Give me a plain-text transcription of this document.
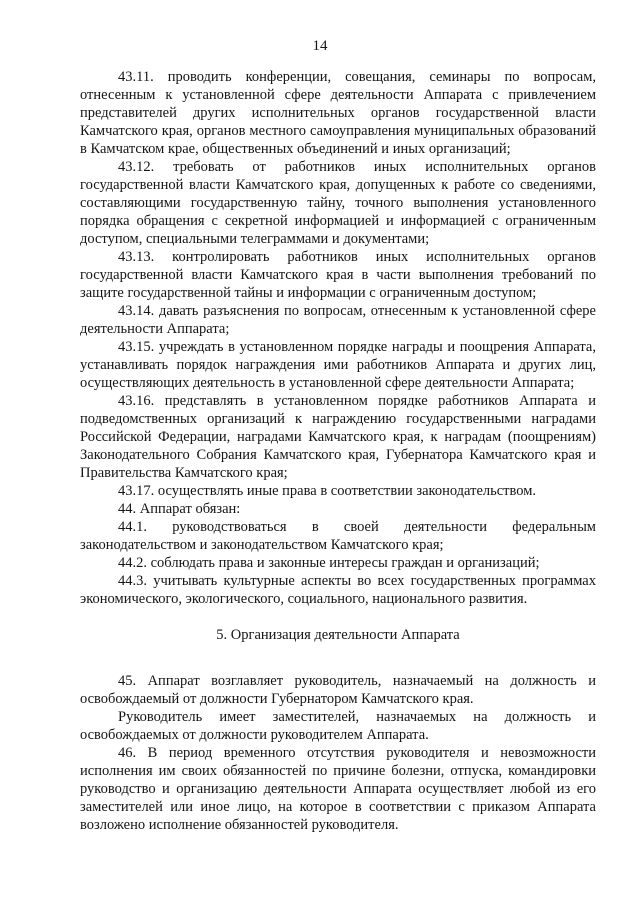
14

43.11. проводить конференции, совещания, семинары по вопросам, отнесенным к установленной сфере деятельности Аппарата с привлечением представителей других исполнительных органов государственной власти Камчатского края, органов местного самоуправления муниципальных образований в Камчатском крае, общественных объединений и иных организаций;

43.12. требовать от работников иных исполнительных органов государственной власти Камчатского края, допущенных к работе со сведениями, составляющими государственную тайну, точного выполнения установленного порядка обращения с секретной информацией и информацией с ограниченным доступом, специальными телеграммами и документами;

43.13. контролировать работников иных исполнительных органов государственной власти Камчатского края в части выполнения требований по защите государственной тайны и информации с ограниченным доступом;

43.14. давать разъяснения по вопросам, отнесенным к установленной сфере деятельности Аппарата;

43.15. учреждать в установленном порядке награды и поощрения Аппарата, устанавливать порядок награждения ими работников Аппарата и других лиц, осуществляющих деятельность в установленной сфере деятельности Аппарата;

43.16. представлять в установленном порядке работников Аппарата и подведомственных организаций к награждению государственными наградами Российской Федерации, наградами Камчатского края, к наградам (поощрениям) Законодательного Собрания Камчатского края, Губернатора Камчатского края и Правительства Камчатского края;

43.17. осуществлять иные права в соответствии законодательством.

44. Аппарат обязан:

44.1. руководствоваться в своей деятельности федеральным законодательством и законодательством Камчатского края;

44.2. соблюдать права и законные интересы граждан и организаций;

44.3. учитывать культурные аспекты во всех государственных программах экономического, экологического, социального, национального развития.

5. Организация деятельности Аппарата

45. Аппарат возглавляет руководитель, назначаемый на должность и освобождаемый от должности Губернатором Камчатского края.

Руководитель имеет заместителей, назначаемых на должность и освобождаемых от должности руководителем Аппарата.

46. В период временного отсутствия руководителя и невозможности исполнения им своих обязанностей по причине болезни, отпуска, командировки руководство и организацию деятельности Аппарата осуществляет любой из его заместителей или иное лицо, на которое в соответствии с приказом Аппарата возложено исполнение обязанностей руководителя.
